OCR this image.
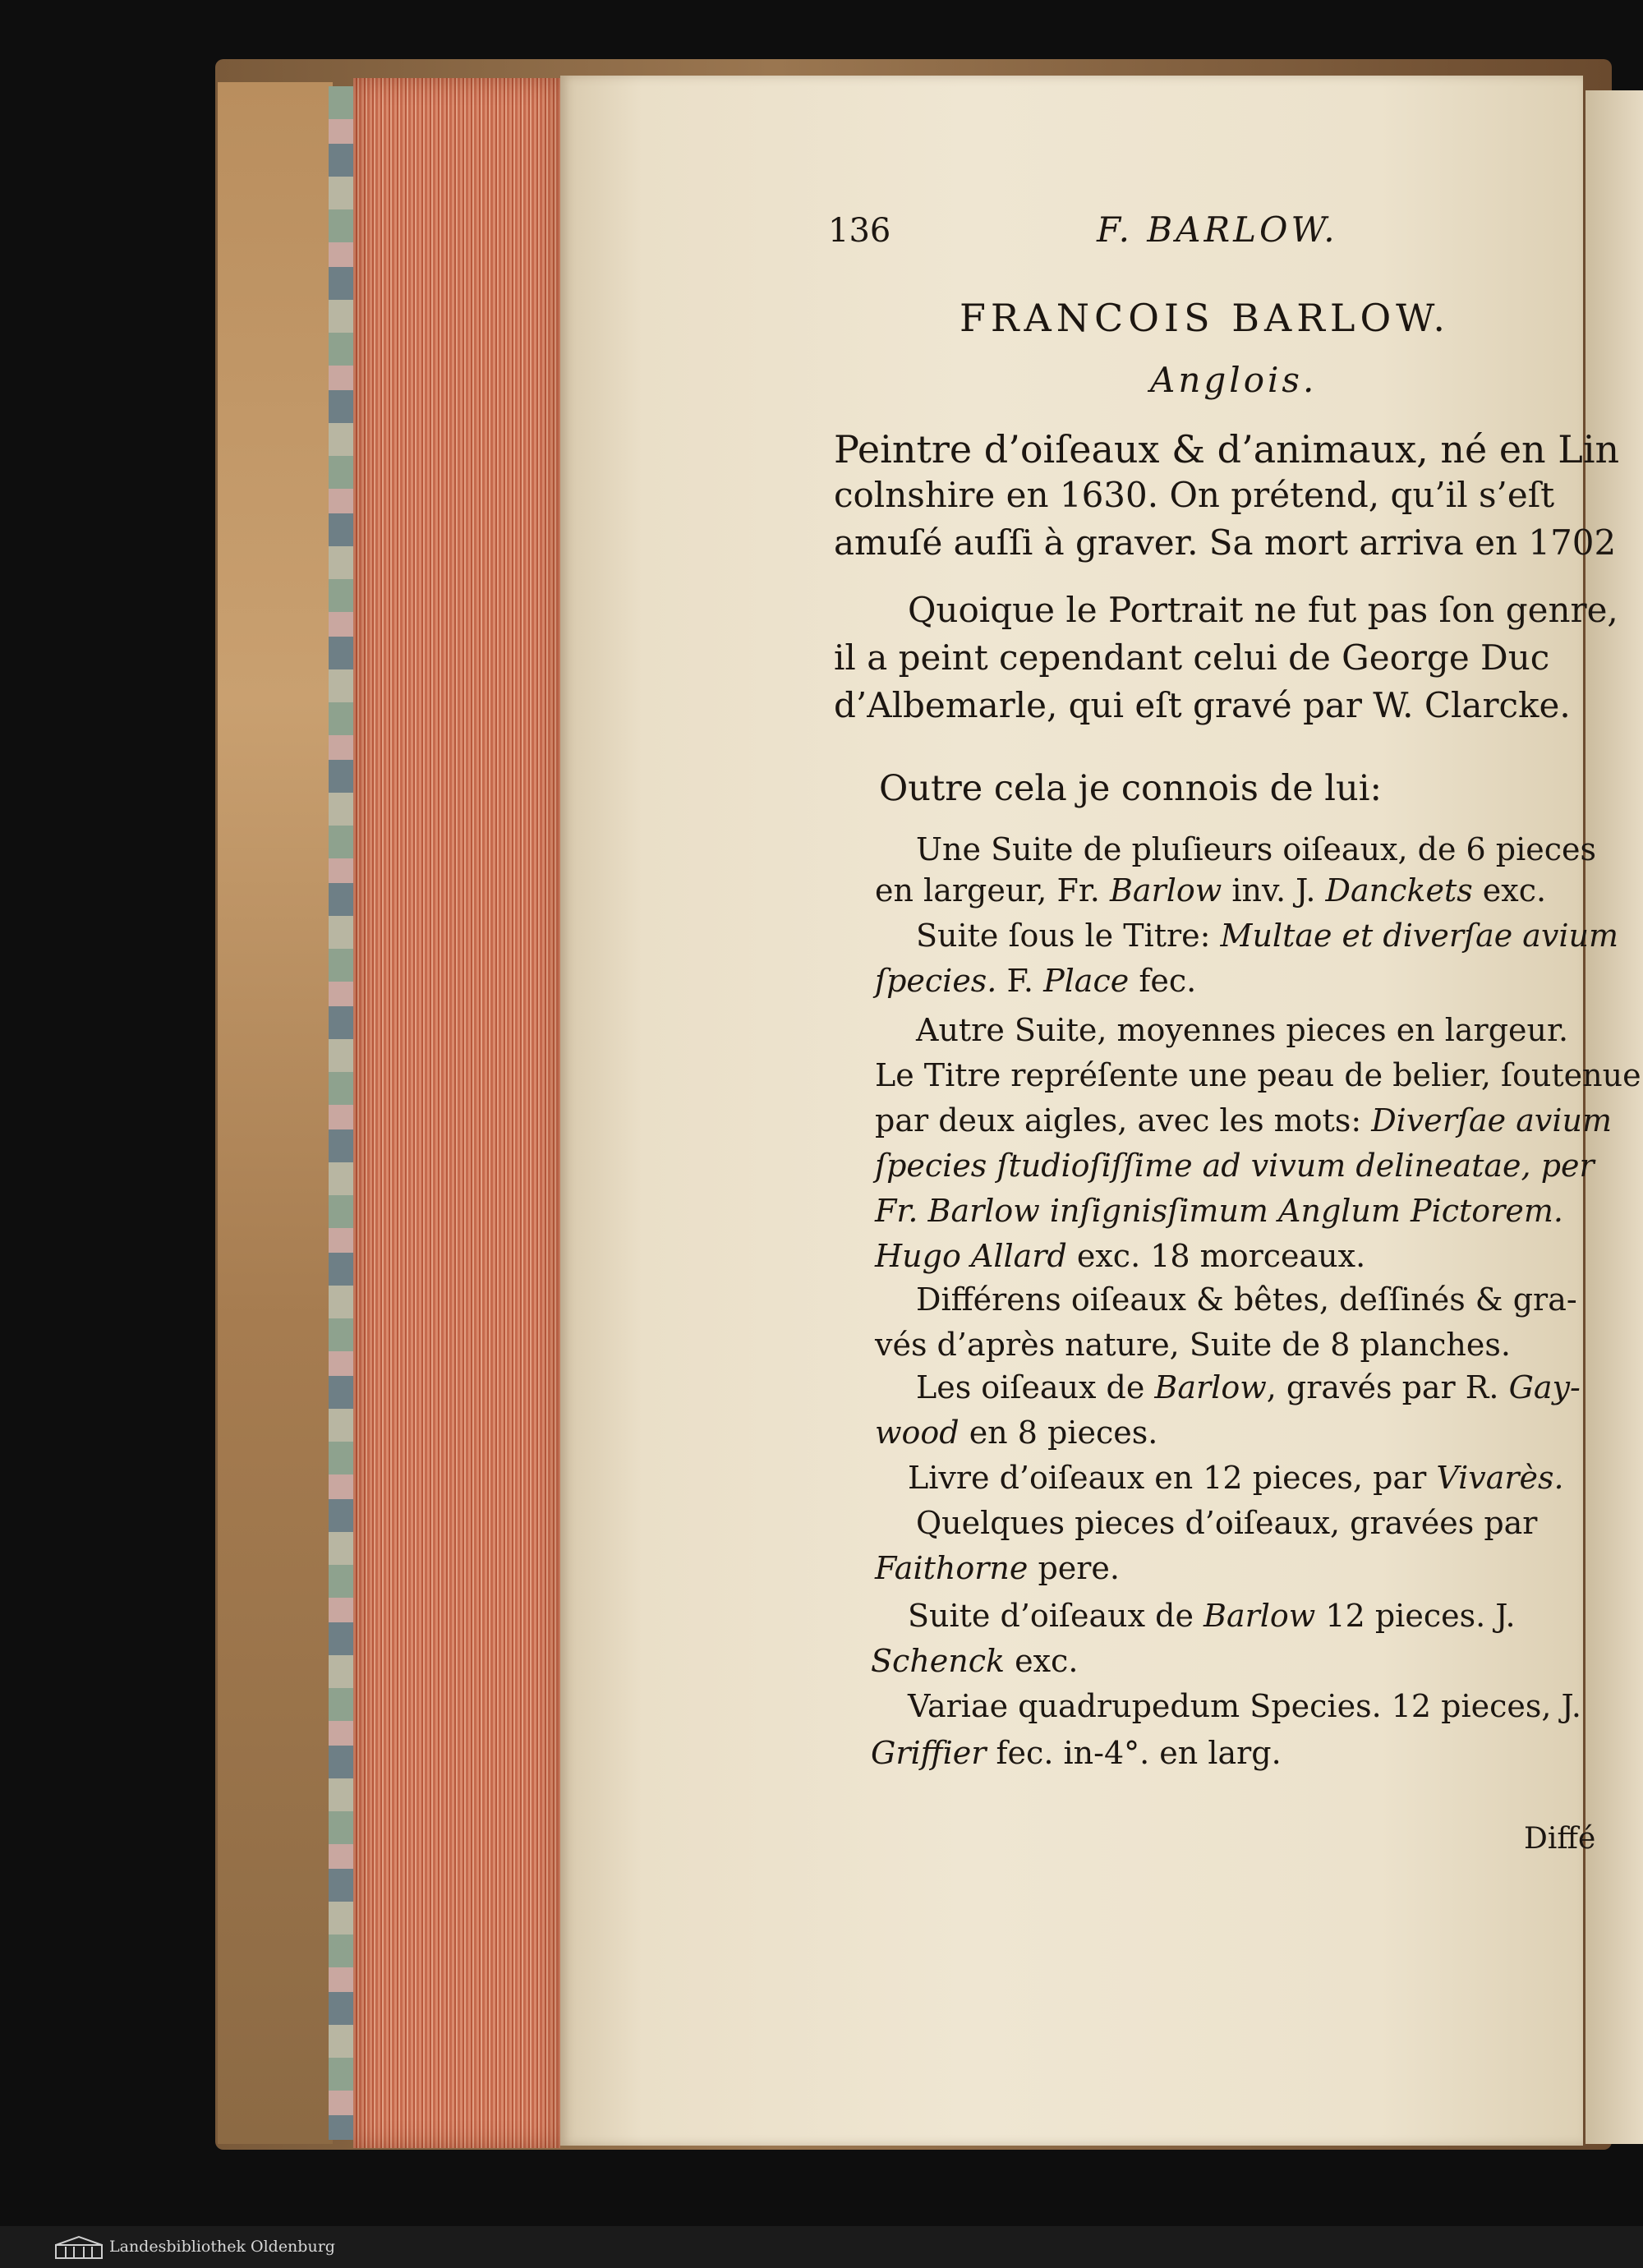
136	F. BARLOW.
FRANCOIS BARLOW.
Anglois.
Peintre d’oiſeaux & d’animaux, né en Lin
colnshire en 1630. On prétend, qu’il s’eſt
amuſé auſſi à graver. Sa mort arriva en 1702
Quoique le Portrait ne fut pas ſon genre,
il a peint cependant celui de George Duc
d’Albemarle, qui eſt gravé par W. Clarcke.
Outre cela je connois de lui:
Une Suite de pluſieurs oiſeaux, de 6 pieces
en largeur, Fr. Barlow inv. J. Danckets exc.
Suite ſous le Titre: Multae et diverſae avium
ſpecies. F. Place fec.
Autre Suite, moyennes pieces en largeur.
Le Titre repréſente une peau de belier, ſoutenue
par deux aigles, avec les mots: Diverſae avium
ſpecies ſtudioſiſſime ad vivum delineatae, per
Fr. Barlow inſignisſimum Anglum Pictorem.
Hugo Allard exc. 18 morceaux.
Différens oiſeaux & bêtes, deſſinés & gra-
vés d’après nature, Suite de 8 planches.
Les oiſeaux de Barlow, gravés par R. Gay-
wood en 8 pieces.
Livre d’oiſeaux en 12 pieces, par Vivarès.
Quelques pieces d’oiſeaux, gravées par
Faithorne pere.
Suite d’oiſeaux de Barlow 12 pieces. J.
Schenck exc.
Variae quadrupedum Species. 12 pieces, J.
Griffier fec. in-4°. en larg.
Diffé
Landesbibliothek Oldenburg
